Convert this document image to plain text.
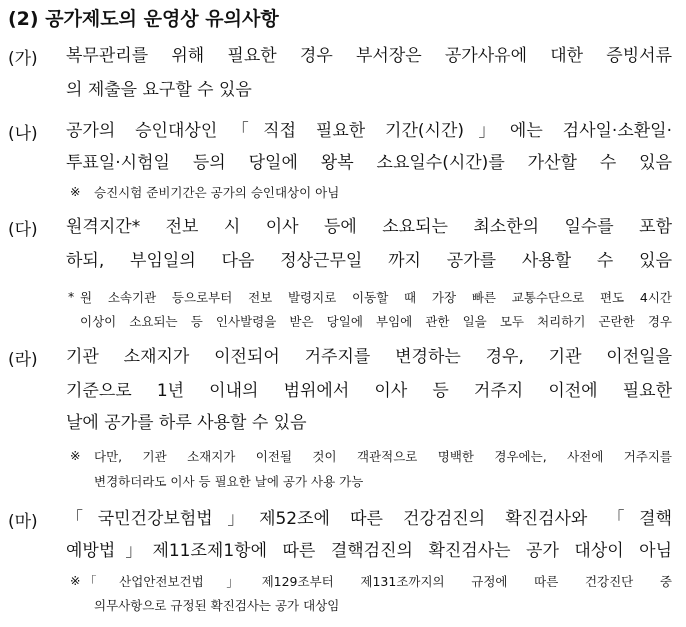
(2) 공가제도의 운영상 유의사항
(가) 복무관리를 위해 필요한 경우 부서장은 공가사유에 대한 증빙서류
의 제출을 요구할 수 있음
(나) 공가의 승인대상인「직접 필요한 기간(시간)」에는 검사일·소환일·
투표일·시험일 등의 당일에 왕복 소요일수(시간)를 가산할 수 있음
※ 승진시험 준비기간은 공가의 승인대상이 아님
(다) 원격지간* 전보 시 이사 등에 소요되는 최소한의 일수를 포함
하되, 부임일의 다음 정상근무일 까지 공가를 사용할 수 있음
* 원 소속기관 등으로부터 전보 발령지로 이동할 때 가장 빠른 교통수단으로 편도 4시간
이상이 소요되는 등 인사발령을 받은 당일에 부임에 관한 일을 모두 처리하기 곤란한 경우
(라) 기관 소재지가 이전되어 거주지를 변경하는 경우, 기관 이전일을
기준으로 1년 이내의 범위에서 이사 등 거주지 이전에 필요한
날에 공가를 하루 사용할 수 있음
※ 다만, 기관 소재지가 이전될 것이 객관적으로 명백한 경우에는, 사전에 거주지를
변경하더라도 이사 등 필요한 날에 공가 사용 가능
(마) 「국민건강보험법」제52조에 따른 건강검진의 확진검사와 「결핵
예방법」제11조제1항에 따른 결핵검진의 확진검사는 공가 대상이 아님
※ 「산업안전보건법」제129조부터 제131조까지의 규정에 따른 건강진단 중
의무사항으로 규정된 확진검사는 공가 대상임
